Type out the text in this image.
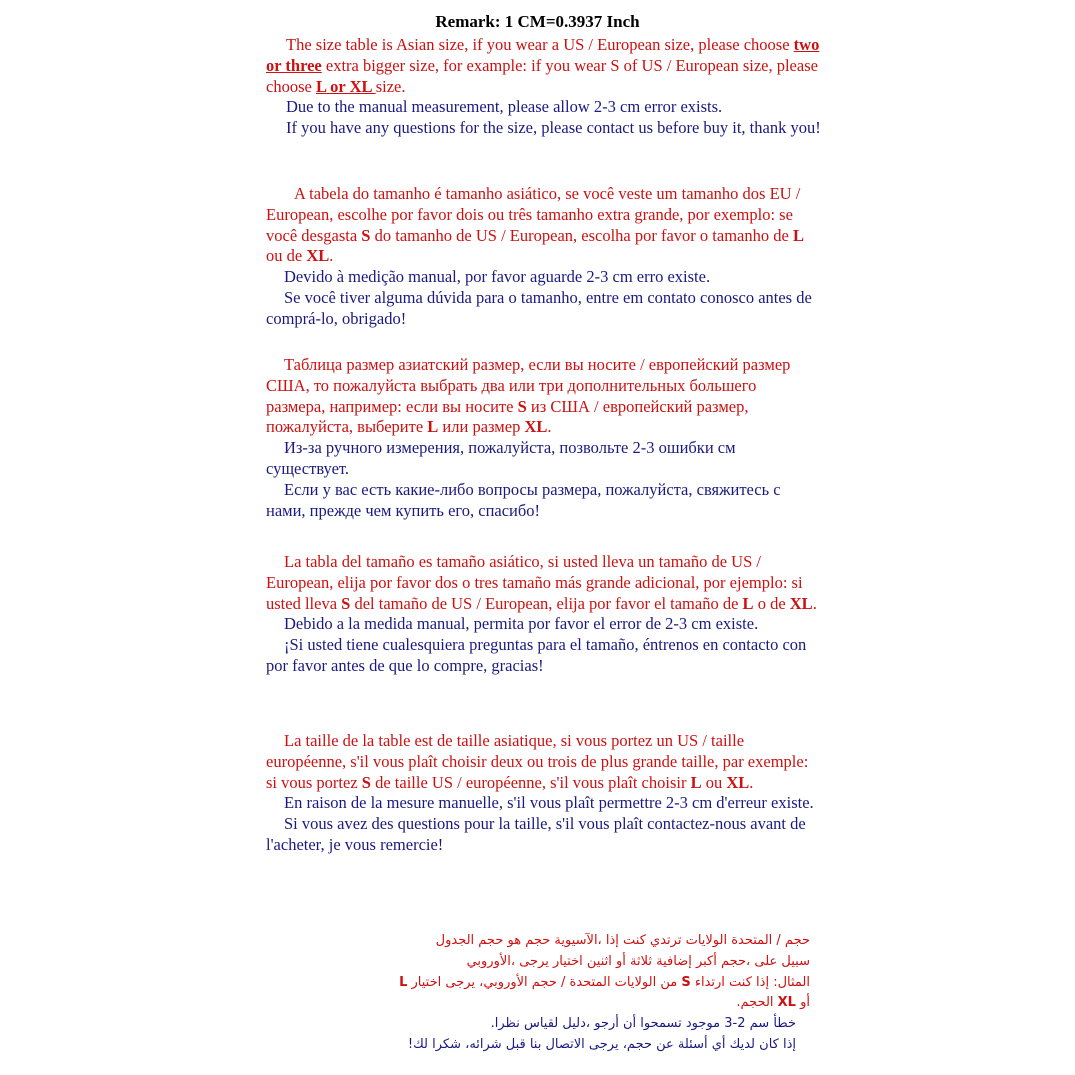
Remark: 1 CM=0.3937 Inch
The size table is Asian size, if you wear a US / European size, please choose two or three extra bigger size, for example: if you wear S of US / European size, please choose L or XL size.
Due to the manual measurement, please allow 2-3 cm error exists.
If you have any questions for the size, please contact us before buy it, thank you!
A tabela do tamanho é tamanho asiático, se você veste um tamanho dos EU / European, escolhe por favor dois ou três tamanho extra grande, por exemplo: se você desgasta S do tamanho de US / European, escolha por favor o tamanho de L ou de XL.
Devido à medição manual, por favor aguarde 2-3 cm erro existe.
Se você tiver alguma dúvida para o tamanho, entre em contato conosco antes de comprá-lo, obrigado!
Таблица размер азиатский размер, если вы носите / европейский размер США, то пожалуйста выбрать два или три дополнительных большего размера, например: если вы носите S из США / европейский размер, пожалуйста, выберите L или размер XL.
Из-за ручного измерения, пожалуйста, позвольте 2-3 ошибки см существует.
Если у вас есть какие-либо вопросы размера, пожалуйста, свяжитесь с нами, прежде чем купить его, спасибо!
La tabla del tamaño es tamaño asiático, si usted lleva un tamaño de US / European, elija por favor dos o tres tamaño más grande adicional, por ejemplo: si usted lleva S del tamaño de US / European, elija por favor el tamaño de L o de XL.
Debido a la medida manual, permita por favor el error de 2-3 cm existe.
¡Si usted tiene cualesquiera preguntas para el tamaño, éntrenos en contacto con por favor antes de que lo compre, gracias!
La taille de la table est de taille asiatique, si vous portez un US / taille européenne, s'il vous plaît choisir deux ou trois de plus grande taille, par exemple: si vous portez S de taille US / européenne, s'il vous plaît choisir L ou XL.
En raison de la mesure manuelle, s'il vous plaît permettre 2-3 cm d'erreur existe.
Si vous avez des questions pour la taille, s'il vous plaît contactez-nous avant de l'acheter, je vous remercie!
حجم / المتحدة الولايات ترتدي كنت إذا ،الآسيوية حجم هو حجم الجدول
سبيل على ،حجم أكبر إضافية ثلاثة أو اثنين اختيار يرجى ،الأوروبي
المثال: إذا كنت ارتداء S من الولايات المتحدة / حجم الأوروبي، يرجى اختيار L
أو XL الحجم.
خطأ سم 2-3 موجود تسمحوا أن أرجو ،دليل لقياس نظرا.
إذا كان لديك أي أسئلة عن حجم، يرجى الاتصال بنا قبل شرائه، شكرا لك!
